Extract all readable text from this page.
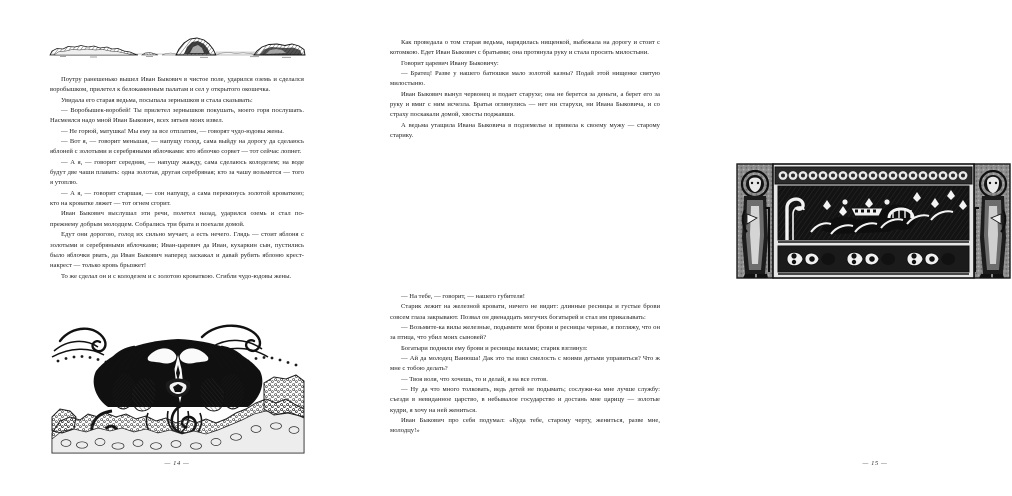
Поутру ранешенько вышел Иван Быкович в чистое поле, ударился оземь и сделался воробышком, прилетел к белокаменным палатам и сел у открытого окошечка.

Увидала его старая ведьма, посыпала зернышков и стала сказывать:

— Воробышек-воробей! Ты прилетел зернышков покушать, моего горя послушать. Насмеялся надо мной Иван Быкович, всех зятьев моих извел.

— Не горюй, матушка! Мы ему за все отплатим, — говорят чудо-юдовы жены.

— Вот я, — говорит меньшая, — напущу голод, сама выйду на дорогу да сделаюсь яблоней с золотыми и серебряными яблочками: кто яблочко сорвет — тот сейчас лопнет.

— А я, — говорит середняя, — напущу жажду, сама сделаюсь колодезем; на воде будут две чаши плавать: одна золотая, другая серебряная; кто за чашу возьмется — того я утоплю.

— А я, — говорит старшая, — сон напущу, а сама перекинусь золотой кроваткою; кто на кроватке ляжет — тот огнем сгорит.

Иван Быкович выслушал эти речи, полетел назад, ударился оземь и стал по-прежнему добрым молодцем. Собрались три брата и поехали домой.

Едут они дорогою, голод их сильно мучает, а есть нечего. Глядь — стоит яблоня с золотыми и серебряными яблочками; Иван-царевич да Иван, кухаркин сын, пустились было яблочки рвать, да Иван Быкович наперед заскакал и давай рубить яблоню крест-накрест — только кровь брызжет!

То же сделал он и с колодезем и с золотою кроваткою. Сгибли чудо-юдовы жены.

— 14 —

Как проведала о том старая ведьма, нарядилась нищенкой, выбежала на дорогу и стоит с котомкою. Едет Иван Быкович с братьями; она протянула руку и стала просить милостыни.

Говорит царевич Ивану Быковичу:

— Братец! Разве у нашего батюшки мало золотой казны? Подай этой нищенке святую милостыню.

Иван Быкович вынул червонец и подает старухе; она не берется за деньги, а берет его за руку и вмиг с ним исчезла. Братья оглянулись — нет ни старухи, ни Ивана Быковича, и со страху поскакали домой, хвосты поджавши.

А ведьма утащила Ивана Быковича в подземелье и привела к своему мужу — старому старику.

— На тебе, — говорит, — нашего губителя!

Старик лежит на железной кровати, ничего не видит: длинные ресницы и густые брови совсем глаза закрывают. Позвал он двенадцать могучих богатырей и стал им приказывать:

— Возьмите-ка вилы железные, подымите мои брови и ресницы черные, я погляжу, что он за птица, что убил моих сыновей?

Богатыри подняли ему брови и ресницы вилами; старик взглянул:

— Ай да молодец Ванюша! Дак это ты взял смелость с моими детьми управиться? Что ж мне с тобою делать?

— Твоя воля, что хочешь, то и делай, я на все готов.

— Ну да что много толковать, ведь детей не подымать; сослужи-ка мне лучше службу: съезди в невиданное царство, в небывалое государство и достань мне царицу — золотые кудри, я хочу на ней жениться.

Иван Быкович про себя подумал: «Куда тебе, старому черту, жениться, разве мне, молодцу!»

— 15 —
